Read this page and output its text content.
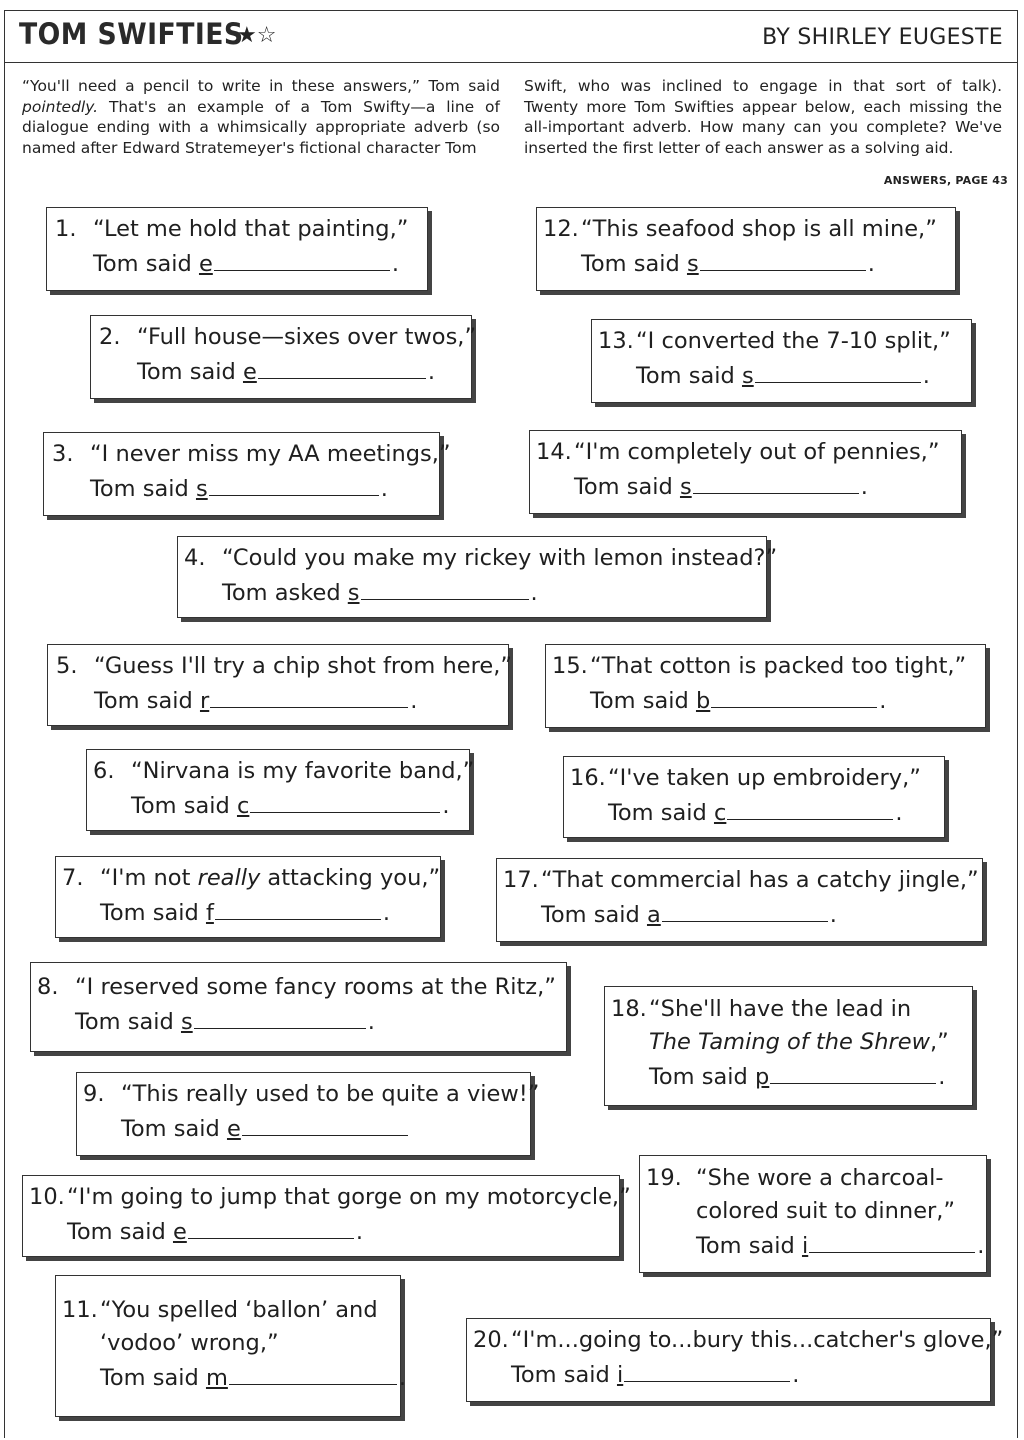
TOM SWIFTIES
★☆	BY SHIRLEY EUGESTE
“You'll need a pencil to write in these answers,” Tom said pointedly. That's an example of a Tom Swifty—a line of dialogue ending with a whimsically appropriate adverb (so named after Edward Stratemeyer's fictional character Tom
Swift, who was inclined to engage in that sort of talk). Twenty more Tom Swifties appear below, each missing the all-important adverb. How many can you complete? We've inserted the first letter of each answer as a solving aid.
ANSWERS, PAGE 43
1. “Let me hold that painting,”
Tom said e	.
2. “Full house—sixes over twos,”
Tom said e	.
3. “I never miss my AA meetings,”
Tom said s	.
4. “Could you make my rickey with lemon instead?”
Tom asked s	.
5. “Guess I'll try a chip shot from here,”
Tom said r	.
6. “Nirvana is my favorite band,”
Tom said c	.
7. “I'm not really attacking you,”
Tom said f	.
8. “I reserved some fancy rooms at the Ritz,”
Tom said s	.
9. “This really used to be quite a view!”
Tom said e
10. “I'm going to jump that gorge on my motorcycle,”
Tom said e	.
11. “You spelled ‘ballon’ and
‘vodoo’ wrong,”
Tom said m	.
12. “This seafood shop is all mine,”
Tom said s	.
13. “I converted the 7-10 split,”
Tom said s	.
14. “I'm completely out of pennies,”
Tom said s	.
15. “That cotton is packed too tight,”
Tom said b	.
16. “I've taken up embroidery,”
Tom said c	.
17. “That commercial has a catchy jingle,”
Tom said a	.
18. “She'll have the lead in
The Taming of the Shrew,”
Tom said p	.
19. “She wore a charcoal-
colored suit to dinner,”
Tom said i	.
20. “I'm...going to...bury this...catcher's glove,”
Tom said i	.
